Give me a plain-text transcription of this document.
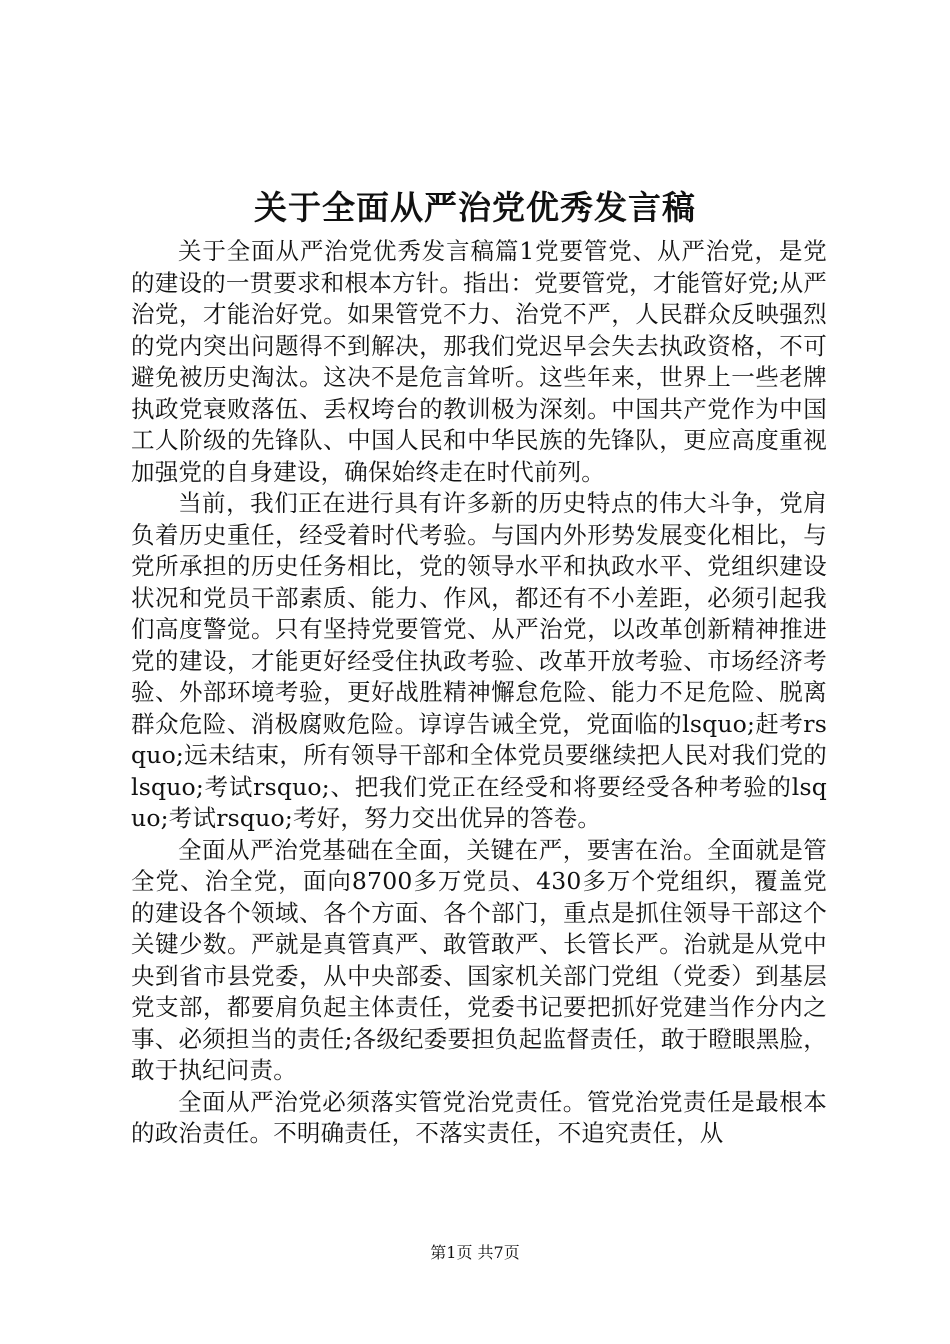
关于全面从严治党优秀发言稿

关于全面从严治党优秀发言稿篇1党要管党、从严治党，是党的建设的一贯要求和根本方针。指出：党要管党，才能管好党;从严治党，才能治好党。如果管党不力、治党不严，人民群众反映强烈的党内突出问题得不到解决，那我们党迟早会失去执政资格，不可避免被历史淘汰。这决不是危言耸听。这些年来，世界上一些老牌执政党衰败落伍、丢权垮台的教训极为深刻。中国共产党作为中国工人阶级的先锋队、中国人民和中华民族的先锋队，更应高度重视加强党的自身建设，确保始终走在时代前列。

当前，我们正在进行具有许多新的历史特点的伟大斗争，党肩负着历史重任，经受着时代考验。与国内外形势发展变化相比，与党所承担的历史任务相比，党的领导水平和执政水平、党组织建设状况和党员干部素质、能力、作风，都还有不小差距，必须引起我们高度警觉。只有坚持党要管党、从严治党，以改革创新精神推进党的建设，才能更好经受住执政考验、改革开放考验、市场经济考验、外部环境考验，更好战胜精神懈怠危险、能力不足危险、脱离群众危险、消极腐败危险。谆谆告诫全党，党面临的lsquo;赶考rsquo;远未结束，所有领导干部和全体党员要继续把人民对我们党的lsquo;考试rsquo;、把我们党正在经受和将要经受各种考验的lsquo;考试rsquo;考好，努力交出优异的答卷。

全面从严治党基础在全面，关键在严，要害在治。全面就是管全党、治全党，面向8700多万党员、430多万个党组织，覆盖党的建设各个领域、各个方面、各个部门，重点是抓住领导干部这个关键少数。严就是真管真严、敢管敢严、长管长严。治就是从党中央到省市县党委，从中央部委、国家机关部门党组（党委）到基层党支部，都要肩负起主体责任，党委书记要把抓好党建当作分内之事、必须担当的责任;各级纪委要担负起监督责任，敢于瞪眼黑脸，敢于执纪问责。

全面从严治党必须落实管党治党责任。管党治党责任是最根本的政治责任。不明确责任，不落实责任，不追究责任，从

第1页 共7页
